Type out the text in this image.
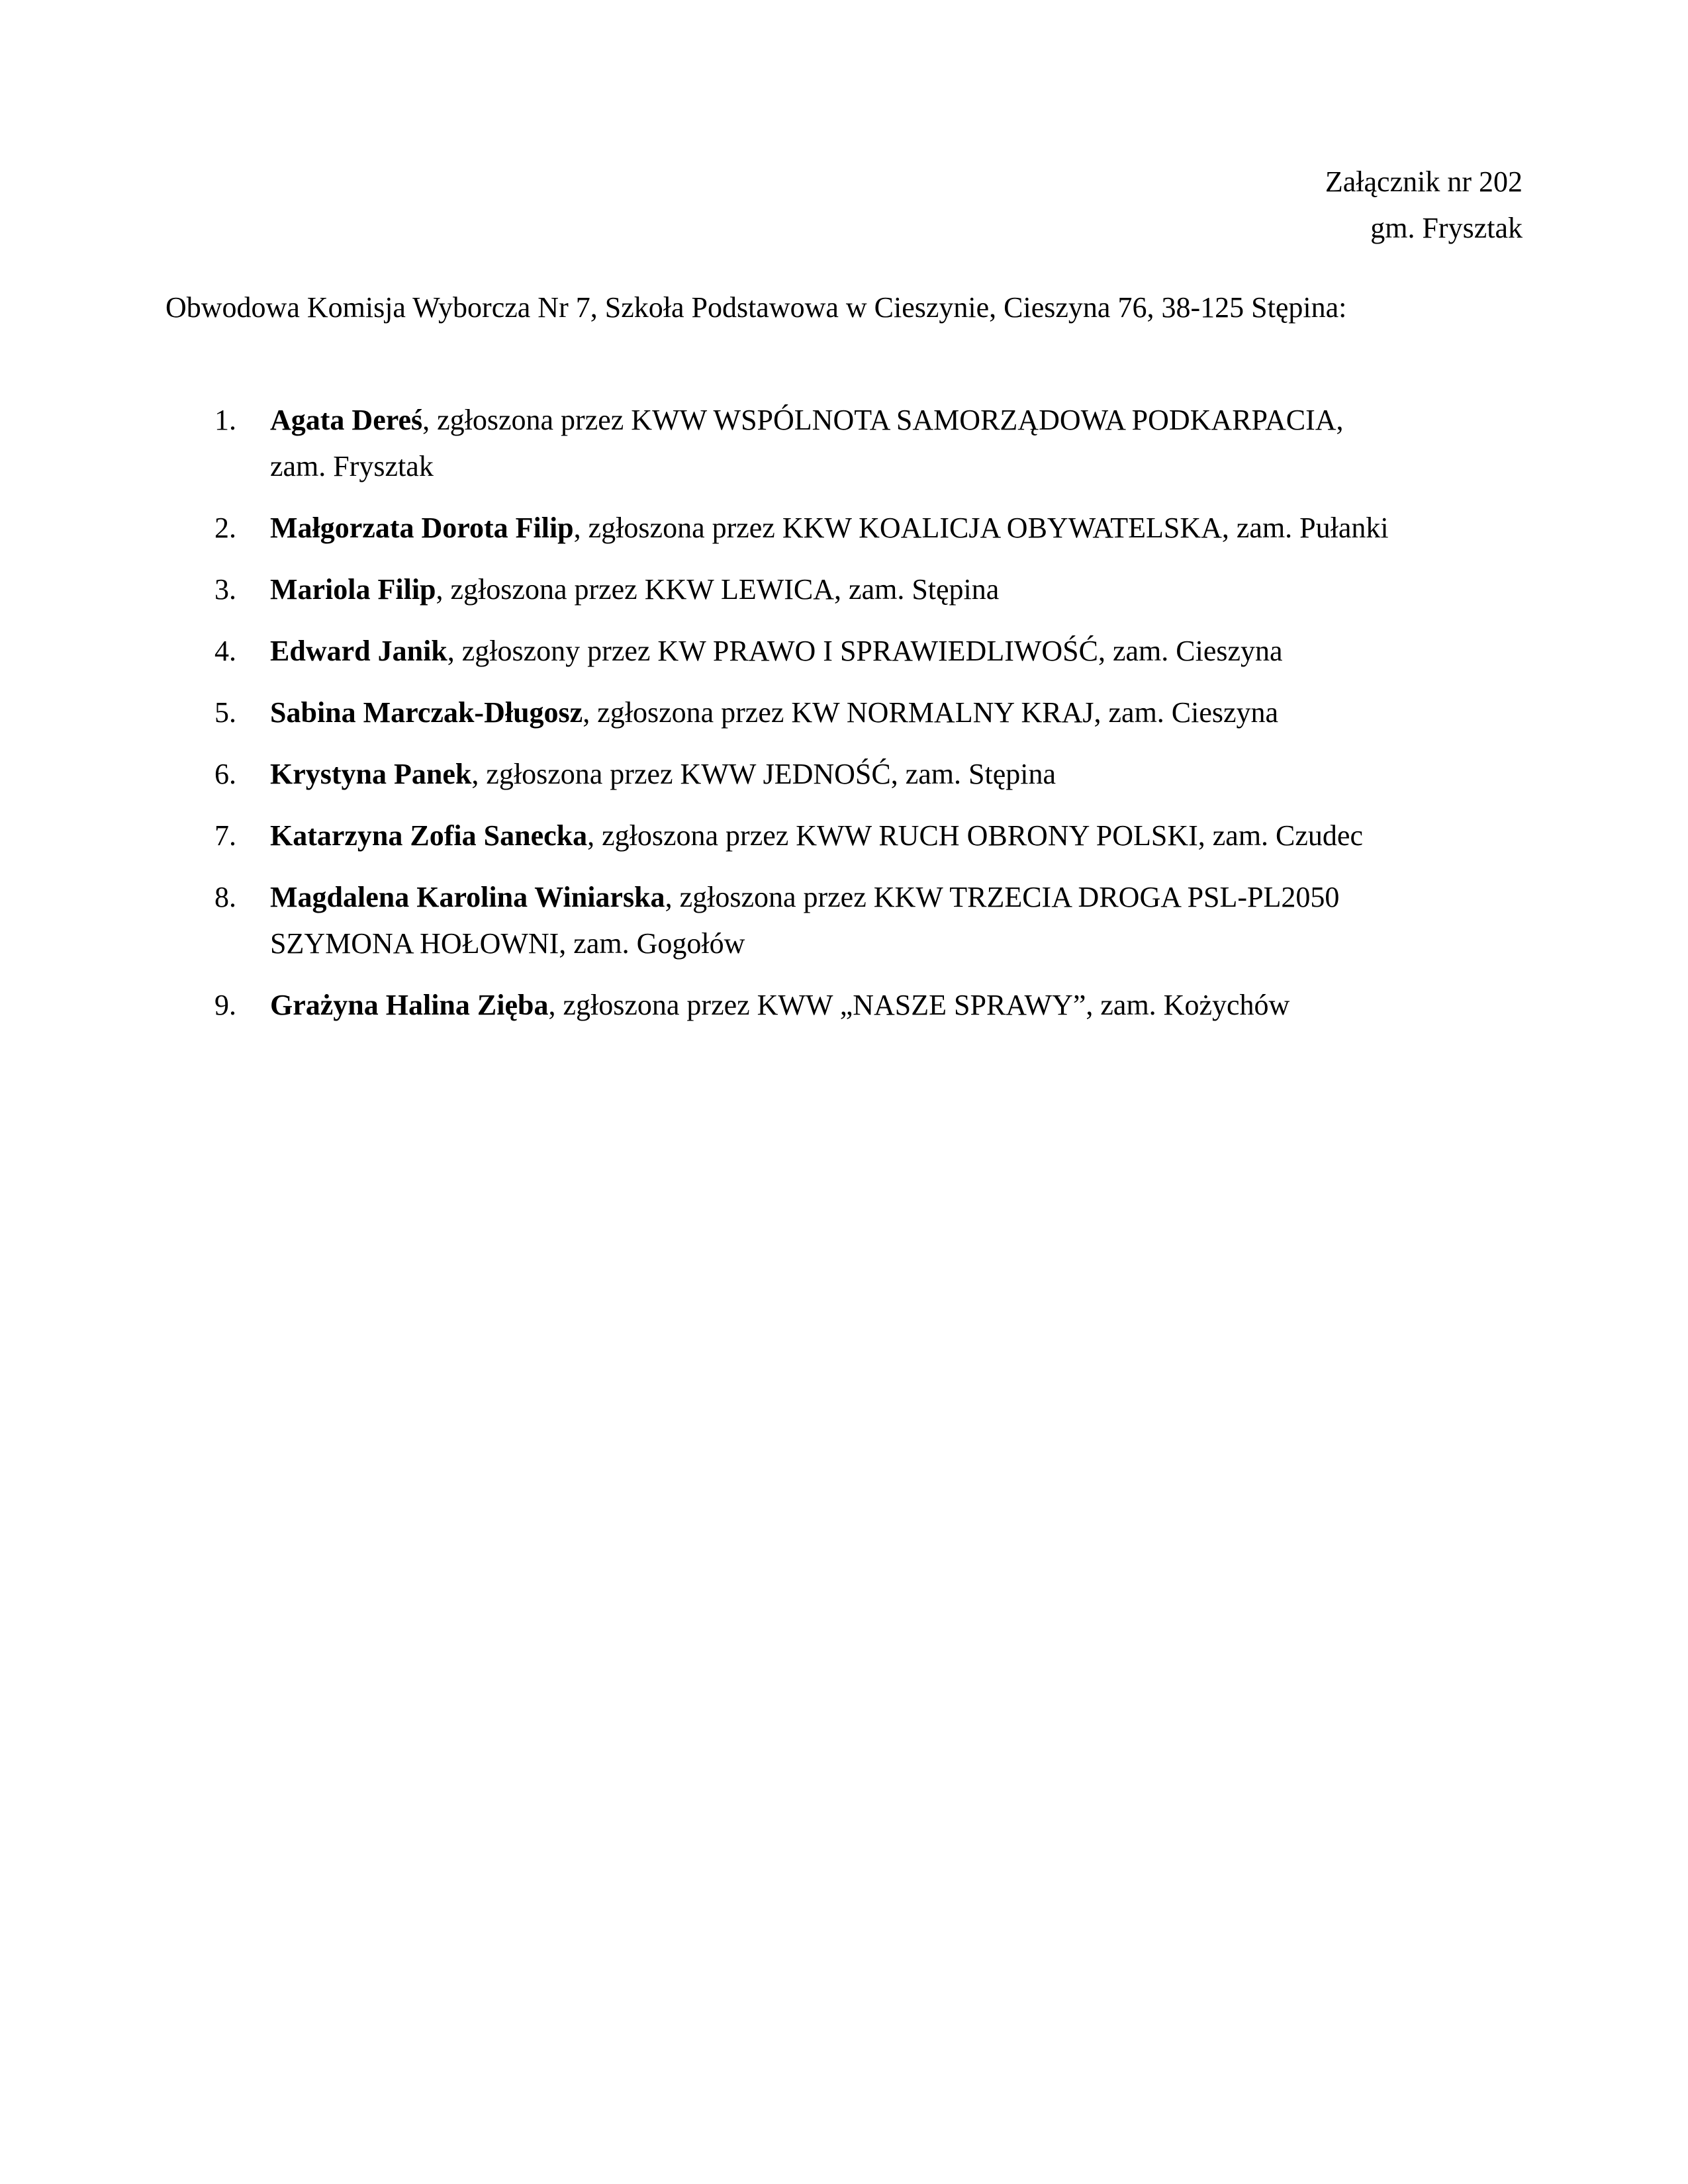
Załącznik nr 202
gm. Frysztak
Obwodowa Komisja Wyborcza Nr 7, Szkoła Podstawowa w Cieszynie, Cieszyna 76, 38-125 Stępina:
1. Agata Dereś, zgłoszona przez KWW WSPÓLNOTA SAMORZĄDOWA PODKARPACIA,
zam. Frysztak
2. Małgorzata Dorota Filip, zgłoszona przez KKW KOALICJA OBYWATELSKA, zam. Pułanki
3. Mariola Filip, zgłoszona przez KKW LEWICA, zam. Stępina
4. Edward Janik, zgłoszony przez KW PRAWO I SPRAWIEDLIWOŚĆ, zam. Cieszyna
5. Sabina Marczak-Długosz, zgłoszona przez KW NORMALNY KRAJ, zam. Cieszyna
6. Krystyna Panek, zgłoszona przez KWW JEDNOŚĆ, zam. Stępina
7. Katarzyna Zofia Sanecka, zgłoszona przez KWW RUCH OBRONY POLSKI, zam. Czudec
8. Magdalena Karolina Winiarska, zgłoszona przez KKW TRZECIA DROGA PSL-PL2050
SZYMONA HOŁOWNI, zam. Gogołów
9. Grażyna Halina Zięba, zgłoszona przez KWW „NASZE SPRAWY”, zam. Kożychów
